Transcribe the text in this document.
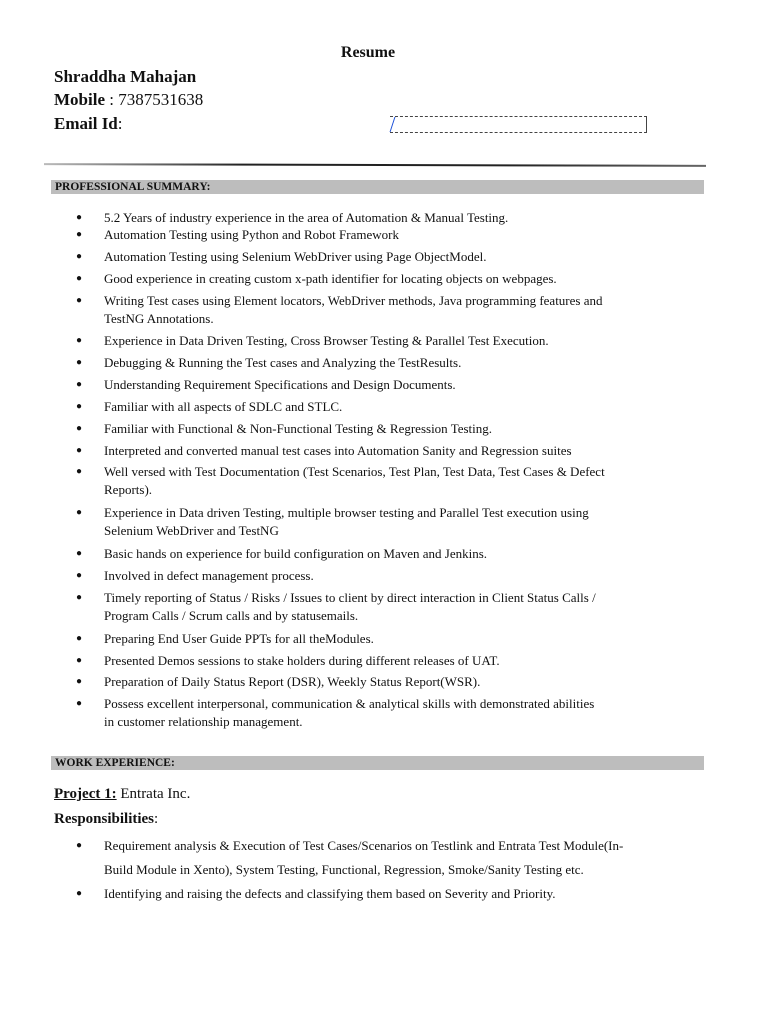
Resume
Shraddha Mahajan
Mobile : 7387531638
Email Id:
PROFESSIONAL SUMMARY:
●	5.2 Years of industry experience in the area of Automation & Manual Testing.
●	Automation Testing using Python and Robot Framework
●	Automation Testing using Selenium WebDriver using Page ObjectModel.
●	Good experience in creating custom x-path identifier for locating objects on webpages.
●	Writing Test cases using Element locators, WebDriver methods, Java programming features and
TestNG Annotations.
●	Experience in Data Driven Testing, Cross Browser Testing & Parallel Test Execution.
●	Debugging & Running the Test cases and Analyzing the TestResults.
●	Understanding Requirement Specifications and Design Documents.
●	Familiar with all aspects of SDLC and STLC.
●	Familiar with Functional & Non-Functional Testing & Regression Testing.
●	Interpreted and converted manual test cases into Automation Sanity and Regression suites
●	Well versed with Test Documentation (Test Scenarios, Test Plan, Test Data, Test Cases & Defect
Reports).
●	Experience in Data driven Testing, multiple browser testing and Parallel Test execution using
Selenium WebDriver and TestNG
●	Basic hands on experience for build configuration on Maven and Jenkins.
●	Involved in defect management process.
●	Timely reporting of Status / Risks / Issues to client by direct interaction in Client Status Calls /
Program Calls / Scrum calls and by statusemails.
●	Preparing End User Guide PPTs for all theModules.
●	Presented Demos sessions to stake holders during different releases of UAT.
●	Preparation of Daily Status Report (DSR), Weekly Status Report(WSR).
●	Possess excellent interpersonal, communication & analytical skills with demonstrated abilities
in customer relationship management.
WORK EXPERIENCE:
Project 1: Entrata Inc.
Responsibilities:
● Requirement analysis & Execution of Test Cases/Scenarios on Testlink and Entrata Test Module(In-
Build Module in Xento), System Testing, Functional, Regression, Smoke/Sanity Testing etc.
● Identifying and raising the defects and classifying them based on Severity and Priority.
